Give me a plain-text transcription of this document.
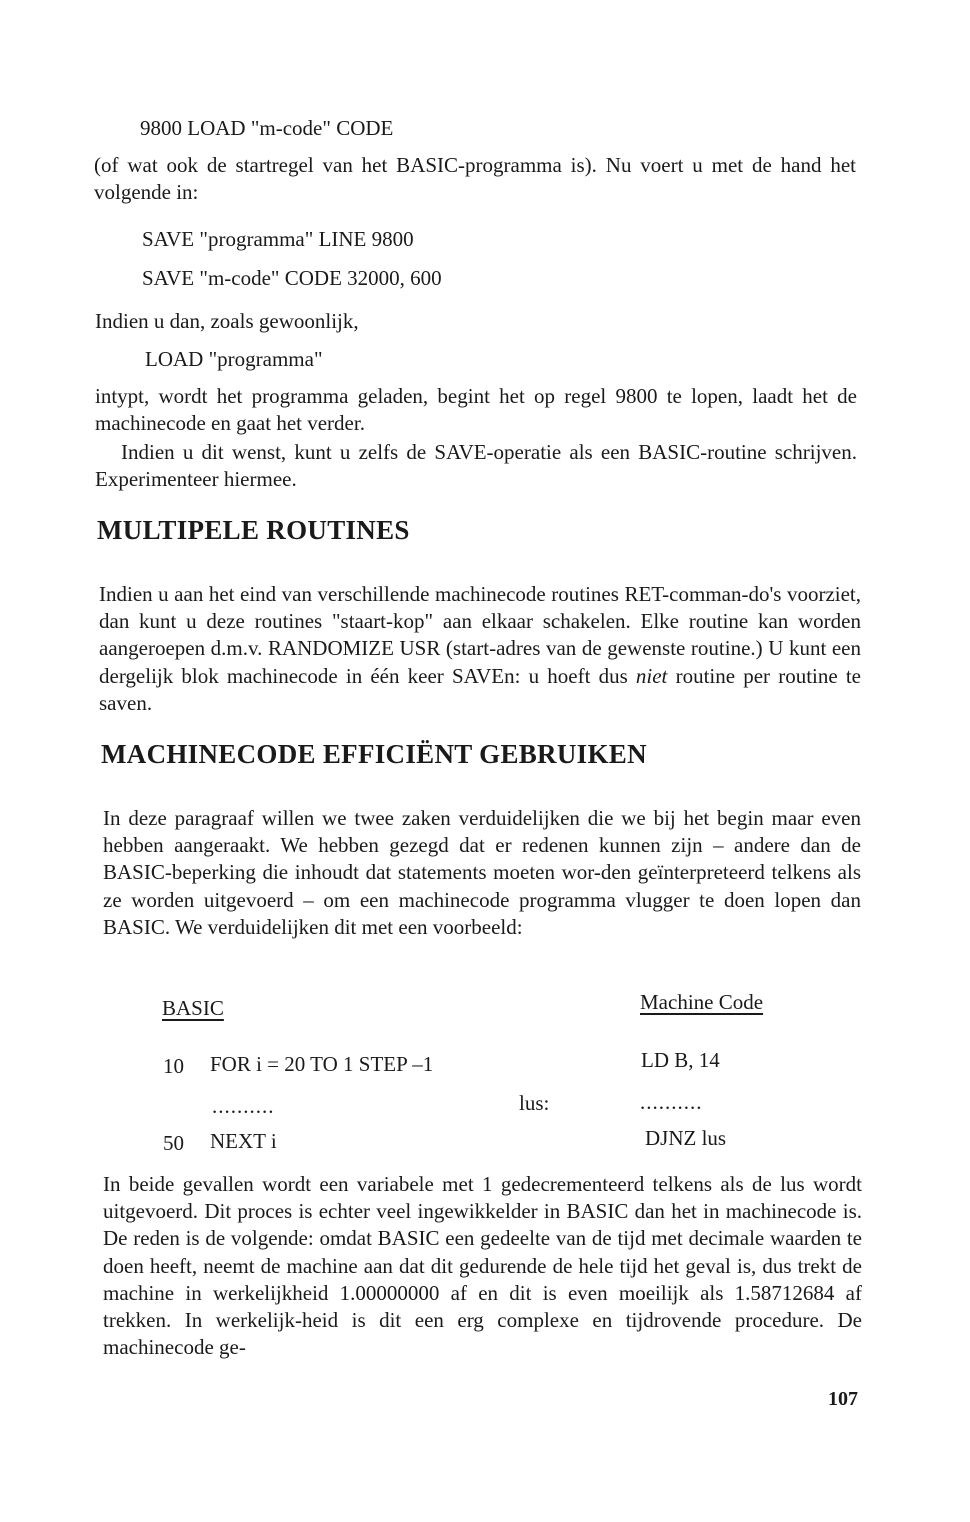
9800 LOAD "m-code" CODE
(of wat ook de startregel van het BASIC-programma is). Nu voert u met de hand het volgende in:
SAVE "programma" LINE 9800
SAVE "m-code" CODE 32000, 600
Indien u dan, zoals gewoonlijk,
LOAD "programma"
intypt, wordt het programma geladen, begint het op regel 9800 te lopen, laadt het de machinecode en gaat het verder.
Indien u dit wenst, kunt u zelfs de SAVE-operatie als een BASIC-routine schrijven. Experimenteer hiermee.
MULTIPELE ROUTINES
Indien u aan het eind van verschillende machinecode routines RET-comman-do's voorziet, dan kunt u deze routines "staart-kop" aan elkaar schakelen. Elke routine kan worden aangeroepen d.m.v. RANDOMIZE USR (start-adres van de gewenste routine.) U kunt een dergelijk blok machinecode in één keer SAVEn: u hoeft dus niet routine per routine te saven.
MACHINECODE EFFICIËNT GEBRUIKEN
In deze paragraaf willen we twee zaken verduidelijken die we bij het begin maar even hebben aangeraakt. We hebben gezegd dat er redenen kunnen zijn – andere dan de BASIC-beperking die inhoudt dat statements moeten wor-den geïnterpreteerd telkens als ze worden uitgevoerd – om een machinecode programma vlugger te doen lopen dan BASIC. We verduidelijken dit met een voorbeeld:
BASIC	Machine Code
10 FOR i = 20 TO 1 STEP –1	LD B, 14
..........	lus:	..........
50 NEXT i	DJNZ lus
In beide gevallen wordt een variabele met 1 gedecrementeerd telkens als de lus wordt uitgevoerd. Dit proces is echter veel ingewikkelder in BASIC dan het in machinecode is. De reden is de volgende: omdat BASIC een gedeelte van de tijd met decimale waarden te doen heeft, neemt de machine aan dat dit gedurende de hele tijd het geval is, dus trekt de machine in werkelijkheid 1.00000000 af en dit is even moeilijk als 1.58712684 af trekken. In werkelijk-heid is dit een erg complexe en tijdrovende procedure. De machinecode ge-
107
